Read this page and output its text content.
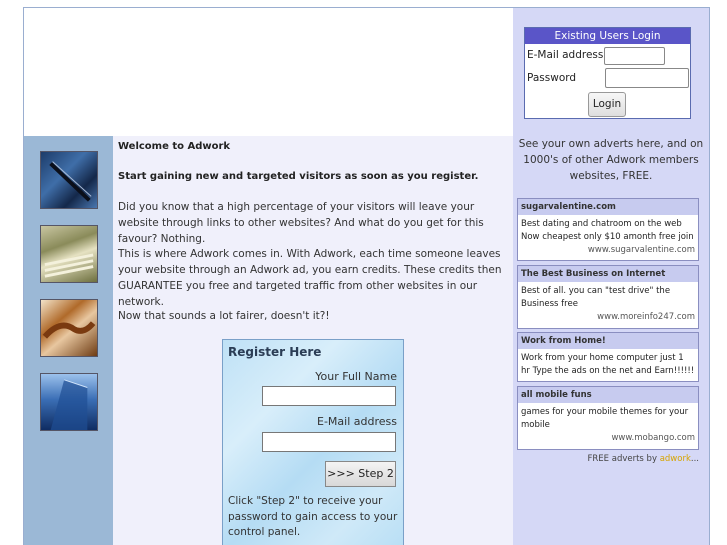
Welcome to Adwork
Start gaining new and targeted visitors as soon as you register.

Did you know that a high percentage of your visitors will leave your website through links to other websites? And what do you get for this favour? Nothing.

This is where Adwork comes in. With Adwork, each time someone leaves your website through an Adwork ad, you earn credits. These credits then GUARANTEE you free and targeted traffic from other websites in our network.

Now that sounds a lot fairer, doesn't it?!

Register Here
Your Full Name
E-Mail address
>>> Step 2
Click "Step 2" to receive your password to gain access to your control panel.
Existing Users Login
E-Mail address
Password
Login
See your own adverts here, and on 1000's of other Adwork members websites, FREE.
sugarvalentine.com
Best dating and chatroom on the web Now cheapest only $10 amonth free join
www.sugarvalentine.com
The Best Business on Internet
Best of all. you can "test drive" the Business free
www.moreinfo247.com
Work from Home!
Work from your home computer just 1 hr Type the ads on the net and Earn!!!!!!
all mobile funs
games for your mobile themes for your mobile
www.mobango.com
FREE adverts by adwork...
